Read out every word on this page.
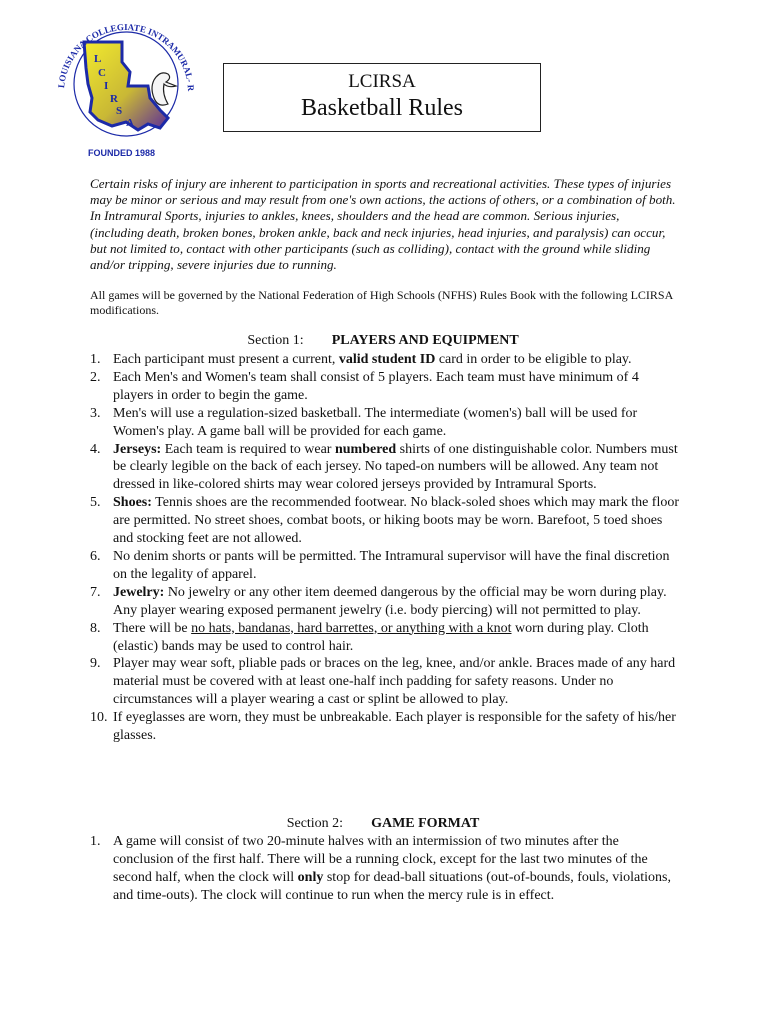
LOUISIANA COLLEGIATE INTRAMURAL- R
L
C
I
R
S
A
FOUNDED 1988
LCIRSA
Basketball Rules

Certain risks of injury are inherent to participation in sports and recreational activities. These types of injuries may be minor or serious and may result from one's own actions, the actions of others, or a combination of both. In Intramural Sports, injuries to ankles, knees, shoulders and the head are common. Serious injuries, (including death, broken bones, broken ankle, back and neck injuries, head injuries, and paralysis) can occur, but not limited to, contact with other participants (such as colliding), contact with the ground while sliding and/or tripping, severe injuries due to running.

All games will be governed by the National Federation of High Schools (NFHS) Rules Book with the following LCIRSA modifications.

Section 1: PLAYERS AND EQUIPMENT
1. Each participant must present a current, valid student ID card in order to be eligible to play.
2. Each Men's and Women's team shall consist of 5 players. Each team must have minimum of 4 players in order to begin the game.
3. Men's will use a regulation-sized basketball. The intermediate (women's) ball will be used for Women's play. A game ball will be provided for each game.
4. Jerseys: Each team is required to wear numbered shirts of one distinguishable color. Numbers must be clearly legible on the back of each jersey. No taped-on numbers will be allowed. Any team not dressed in like-colored shirts may wear colored jerseys provided by Intramural Sports.
5. Shoes: Tennis shoes are the recommended footwear. No black-soled shoes which may mark the floor are permitted. No street shoes, combat boots, or hiking boots may be worn. Barefoot, 5 toed shoes and stocking feet are not allowed.
6. No denim shorts or pants will be permitted. The Intramural supervisor will have the final discretion on the legality of apparel.
7. Jewelry: No jewelry or any other item deemed dangerous by the official may be worn during play. Any player wearing exposed permanent jewelry (i.e. body piercing) will not permitted to play.
8. There will be no hats, bandanas, hard barrettes, or anything with a knot worn during play. Cloth (elastic) bands may be used to control hair.
9. Player may wear soft, pliable pads or braces on the leg, knee, and/or ankle. Braces made of any hard material must be covered with at least one-half inch padding for safety reasons. Under no circumstances will a player wearing a cast or splint be allowed to play.
10. If eyeglasses are worn, they must be unbreakable. Each player is responsible for the safety of his/her glasses.
Section 2: GAME FORMAT
1. A game will consist of two 20-minute halves with an intermission of two minutes after the conclusion of the first half. There will be a running clock, except for the last two minutes of the second half, when the clock will only stop for dead-ball situations (out-of-bounds, fouls, violations, and time-outs). The clock will continue to run when the mercy rule is in effect.
